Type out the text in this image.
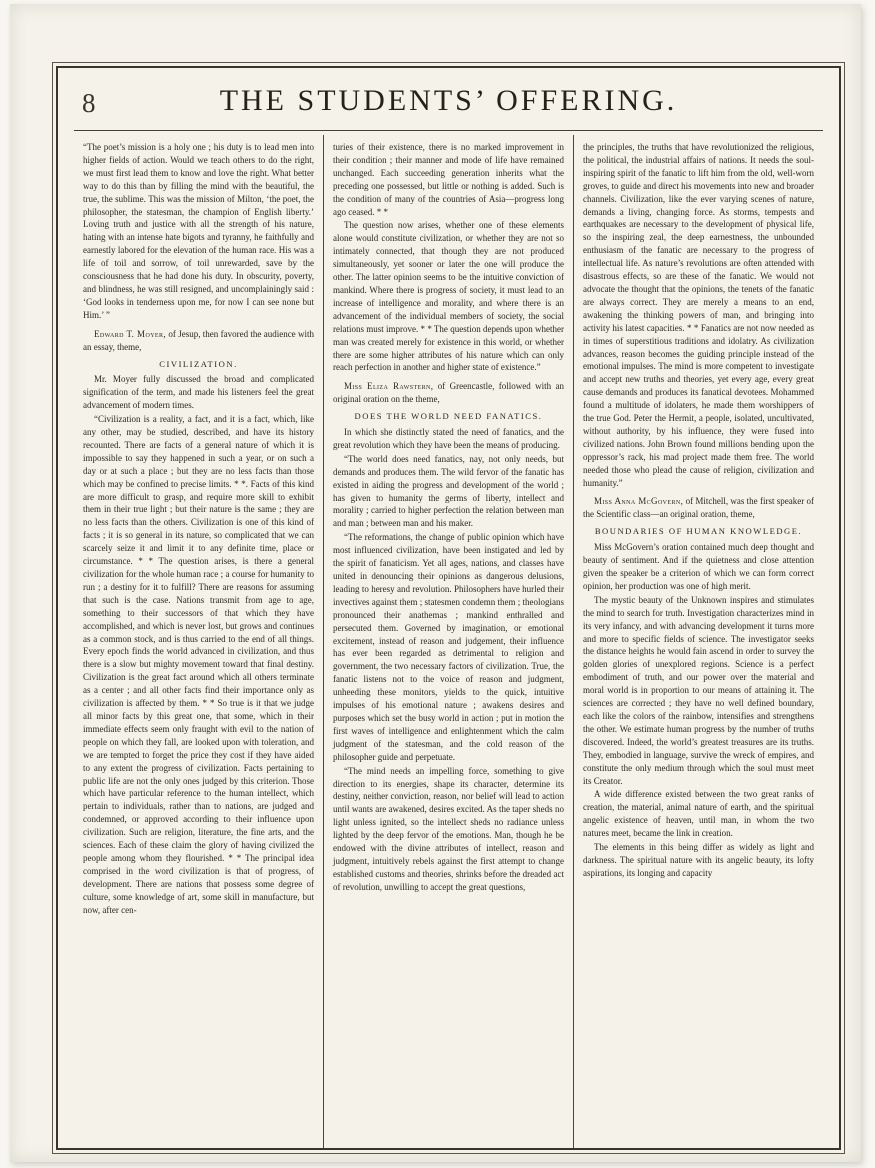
8	THE STUDENTS’ OFFERING.

“The poet’s mission is a holy one ; his duty is to lead men into higher fields of action. Would we teach others to do the right, we must first lead them to know and love the right. What better way to do this than by filling the mind with the beautiful, the true, the sublime. This was the mission of Milton, ‘the poet, the philosopher, the statesman, the champion of English liberty.’ Loving truth and justice with all the strength of his nature, hating with an intense hate bigots and tyranny, he faithfully and earnestly labored for the elevation of the human race. His was a life of toil and sorrow, of toil unrewarded, save by the consciousness that he had done his duty. In obscurity, poverty, and blindness, he was still resigned, and uncomplainingly said : ‘God looks in tenderness upon me, for now I can see none but Him.’ ”

Edward T. Moyer, of Jesup, then favored the audience with an essay, theme,

CIVILIZATION.

Mr. Moyer fully discussed the broad and complicated signification of the term, and made his listeners feel the great advancement of modern times.

“Civilization is a reality, a fact, and it is a fact, which, like any other, may be studied, described, and have its history recounted. There are facts of a general nature of which it is impossible to say they happened in such a year, or on such a day or at such a place ; but they are no less facts than those which may be confined to precise limits. * *. Facts of this kind are more difficult to grasp, and require more skill to exhibit them in their true light ; but their nature is the same ; they are no less facts than the others. Civilization is one of this kind of facts ; it is so general in its nature, so complicated that we can scarcely seize it and limit it to any definite time, place or circumstance. * * The question arises, is there a general civilization for the whole human race ; a course for humanity to run ; a destiny for it to fulfill? There are reasons for assuming that such is the case. Nations transmit from age to age, something to their successors of that which they have accomplished, and which is never lost, but grows and continues as a common stock, and is thus carried to the end of all things. Every epoch finds the world advanced in civilization, and thus there is a slow but mighty movement toward that final destiny. Civilization is the great fact around which all others terminate as a center ; and all other facts find their importance only as civilization is affected by them. * * So true is it that we judge all minor facts by this great one, that some, which in their immediate effects seem only fraught with evil to the nation of people on which they fall, are looked upon with toleration, and we are tempted to forget the price they cost if they have aided to any extent the progress of civilization. Facts pertaining to public life are not the only ones judged by this criterion. Those which have particular reference to the human intellect, which pertain to individuals, rather than to nations, are judged and condemned, or approved according to their influence upon civilization. Such are religion, literature, the fine arts, and the sciences. Each of these claim the glory of having civilized the people among whom they flourished. * * The principal idea comprised in the word civilization is that of progress, of development. There are nations that possess some degree of culture, some knowledge of art, some skill in manufacture, but now, after cen-

turies of their existence, there is no marked improvement in their condition ; their manner and mode of life have remained unchanged. Each succeeding generation inherits what the preceding one possessed, but little or nothing is added. Such is the condition of many of the countries of Asia—progress long ago ceased. * *

The question now arises, whether one of these elements alone would constitute civilization, or whether they are not so intimately connected, that though they are not produced simultaneously, yet sooner or later the one will produce the other. The latter opinion seems to be the intuitive conviction of mankind. Where there is progress of society, it must lead to an increase of intelligence and morality, and where there is an advancement of the individual members of society, the social relations must improve. * * The question depends upon whether man was created merely for existence in this world, or whether there are some higher attributes of his nature which can only reach perfection in another and higher state of existence.”

Miss Eliza Rawstern, of Greencastle, followed with an original oration on the theme,

DOES THE WORLD NEED FANATICS.

In which she distinctly stated the need of fanatics, and the great revolution which they have been the means of producing.

“The world does need fanatics, nay, not only needs, but demands and produces them. The wild fervor of the fanatic has existed in aiding the progress and development of the world ; has given to humanity the germs of liberty, intellect and morality ; carried to higher perfection the relation between man and man ; between man and his maker.

“The reformations, the change of public opinion which have most influenced civilization, have been instigated and led by the spirit of fanaticism. Yet all ages, nations, and classes have united in denouncing their opinions as dangerous delusions, leading to heresy and revolution. Philosophers have hurled their invectives against them ; statesmen condemn them ; theologians pronounced their anathemas ; mankind enthralled and persecuted them. Governed by imagination, or emotional excitement, instead of reason and judgement, their influence has ever been regarded as detrimental to religion and government, the two necessary factors of civilization. True, the fanatic listens not to the voice of reason and judgment, unheeding these monitors, yields to the quick, intuitive impulses of his emotional nature ; awakens desires and purposes which set the busy world in action ; put in motion the first waves of intelligence and enlightenment which the calm judgment of the statesman, and the cold reason of the philosopher guide and perpetuate.

“The mind needs an impelling force, something to give direction to its energies, shape its character, determine its destiny, neither conviction, reason, nor belief will lead to action until wants are awakened, desires excited. As the taper sheds no light unless ignited, so the intellect sheds no radiance unless lighted by the deep fervor of the emotions. Man, though he be endowed with the divine attributes of intellect, reason and judgment, intuitively rebels against the first attempt to change established customs and theories, shrinks before the dreaded act of revolution, unwilling to accept the great questions,

the principles, the truths that have revolutionized the religious, the political, the industrial affairs of nations. It needs the soul-inspiring spirit of the fanatic to lift him from the old, well-worn groves, to guide and direct his movements into new and broader channels. Civilization, like the ever varying scenes of nature, demands a living, changing force. As storms, tempests and earthquakes are necessary to the development of physical life, so the inspiring zeal, the deep earnestness, the unbounded enthusiasm of the fanatic are necessary to the progress of intellectual life. As nature’s revolutions are often attended with disastrous effects, so are these of the fanatic. We would not advocate the thought that the opinions, the tenets of the fanatic are always correct. They are merely a means to an end, awakening the thinking powers of man, and bringing into activity his latest capacities. * * Fanatics are not now needed as in times of superstitious traditions and idolatry. As civilization advances, reason becomes the guiding principle instead of the emotional impulses. The mind is more competent to investigate and accept new truths and theories, yet every age, every great cause demands and produces its fanatical devotees. Mohammed found a multitude of idolaters, he made them worshippers of the true God. Peter the Hermit, a people, isolated, uncultivated, without authority, by his influence, they were fused into civilized nations. John Brown found millions bending upon the oppressor’s rack, his mad project made them free. The world needed those who plead the cause of religion, civilization and humanity.”

Miss Anna McGovern, of Mitchell, was the first speaker of the Scientific class—an original oration, theme,

BOUNDARIES OF HUMAN KNOWLEDGE.

Miss McGovern’s oration contained much deep thought and beauty of sentiment. And if the quietness and close attention given the speaker be a criterion of which we can form correct opinion, her production was one of high merit.

The mystic beauty of the Unknown inspires and stimulates the mind to search for truth. Investigation characterizes mind in its very infancy, and with advancing development it turns more and more to specific fields of science. The investigator seeks the distance heights he would fain ascend in order to survey the golden glories of unexplored regions. Science is a perfect embodiment of truth, and our power over the material and moral world is in proportion to our means of attaining it. The sciences are corrected ; they have no well defined boundary, each like the colors of the rainbow, intensifies and strengthens the other. We estimate human progress by the number of truths discovered. Indeed, the world’s greatest treasures are its truths. They, embodied in language, survive the wreck of empires, and constitute the only medium through which the soul must meet its Creator.

A wide difference existed between the two great ranks of creation, the material, animal nature of earth, and the spiritual angelic existence of heaven, until man, in whom the two natures meet, became the link in creation.

The elements in this being differ as widely as light and darkness. The spiritual nature with its angelic beauty, its lofty aspirations, its longing and capacity
